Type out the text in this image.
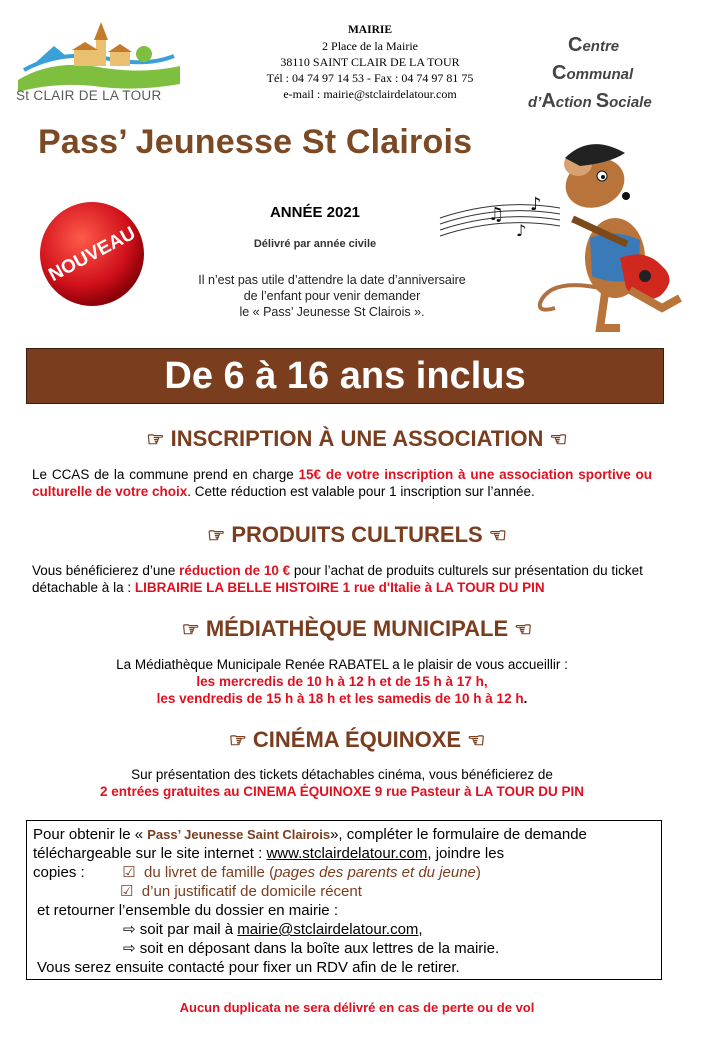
St CLAIR DE LA TOUR
MAIRIE
2 Place de la Mairie
38110 SAINT CLAIR DE LA TOUR
Tél : 04 74 97 14 53 - Fax : 04 74 97 81 75
e-mail : mairie@stclairdelatour.com
Centre
Communal
d’Action Sociale
Pass’ Jeunesse St Clairois
NOUVEAU
ANNÉE 2021
Délivré par année civile
Il n’est pas utile d’attendre la date d’anniversaire
de l’enfant pour venir demander
le « Pass’ Jeunesse St Clairois ».
♫
♪
♪
De 6 à 16 ans inclus
☞ INSCRIPTION À UNE ASSOCIATION ☜
Le CCAS de la commune prend en charge 15€ de votre inscription à une association sportive ou culturelle de votre choix. Cette réduction est valable pour 1 inscription sur l’année.
☞ PRODUITS CULTURELS ☜
Vous bénéficierez d’une réduction de 10 € pour l’achat de produits culturels sur présentation du ticket détachable à la : LIBRAIRIE LA BELLE HISTOIRE 1 rue d'Italie à LA TOUR DU PIN
☞ MÉDIATHÈQUE MUNICIPALE ☜
La Médiathèque Municipale Renée RABATEL a le plaisir de vous accueillir :
les mercredis de 10 h à 12 h et de 15 h à 17 h,
les vendredis de 15 h à 18 h et les samedis de 10 h à 12 h.
☞ CINÉMA ÉQUINOXE ☜
Sur présentation des tickets détachables cinéma, vous bénéficierez de
2 entrées gratuites au CINEMA ÉQUINOXE 9 rue Pasteur à LA TOUR DU PIN
Pour obtenir le « Pass’ Jeunesse Saint Clairois», compléter le formulaire de demande
téléchargeable sur le site internet : www.stclairdelatour.com, joindre les
copies :	☑ du livret de famille (pages des parents et du jeune)
☑ d’un justificatif de domicile récent
et retourner l’ensemble du dossier en mairie :
⇨ soit par mail à mairie@stclairdelatour.com,
⇨ soit en déposant dans la boîte aux lettres de la mairie.
Vous serez ensuite contacté pour fixer un RDV afin de le retirer.
Aucun duplicata ne sera délivré en cas de perte ou de vol
